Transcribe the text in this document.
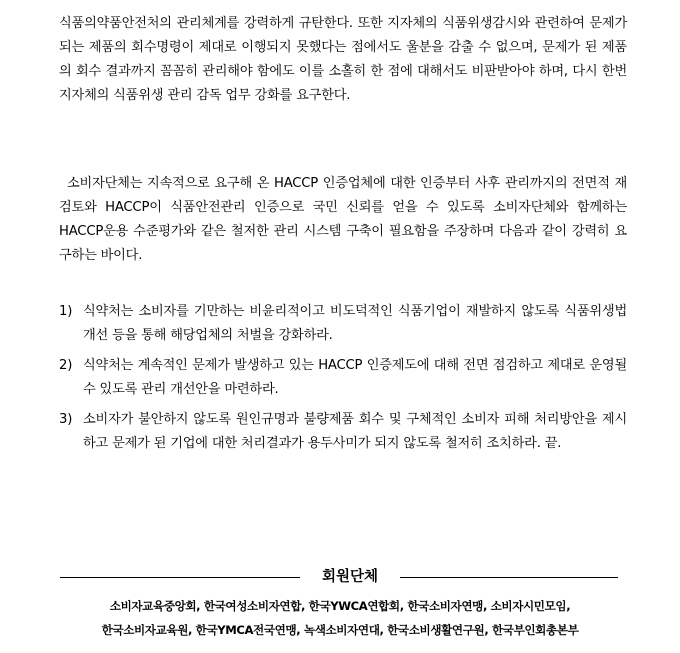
식품의약품안전처의 관리체계를 강력하게 규탄한다. 또한 지자체의 식품위생감시와 관련하여 문제가 되는 제품의 회수명령이 제대로 이행되지 못했다는 점에서도 울분을 감출 수 없으며, 문제가 된 제품의 회수 결과까지 꼼꼼히 관리해야 함에도 이를 소홀히 한 점에 대해서도 비판받아야 하며, 다시 한번 지자체의 식품위생 관리 감독 업무 강화를 요구한다.

소비자단체는 지속적으로 요구해 온 HACCP 인증업체에 대한 인증부터 사후 관리까지의 전면적 재검토와 HACCP이 식품안전관리 인증으로 국민 신뢰를 얻을 수 있도록 소비자단체와 함께하는 HACCP운용 수준평가와 같은 철저한 관리 시스템 구축이 필요함을 주장하며 다음과 같이 강력히 요구하는 바이다.

1) 식약처는 소비자를 기만하는 비윤리적이고 비도덕적인 식품기업이 재발하지 않도록 식품위생법 개선 등을 통해 해당업체의 처벌을 강화하라.
2) 식약처는 계속적인 문제가 발생하고 있는 HACCP 인증제도에 대해 전면 점검하고 제대로 운영될 수 있도록 관리 개선안을 마련하라.
3) 소비자가 불안하지 않도록 원인규명과 불량제품 회수 및 구체적인 소비자 피해 처리방안을 제시하고 문제가 된 기업에 대한 처리결과가 용두사미가 되지 않도록 철저히 조치하라. 끝.
회원단체
소비자교육중앙회, 한국여성소비자연합, 한국YWCA연합회, 한국소비자연맹, 소비자시민모임,
한국소비자교육원, 한국YMCA전국연맹, 녹색소비자연대, 한국소비생활연구원, 한국부인회총본부
